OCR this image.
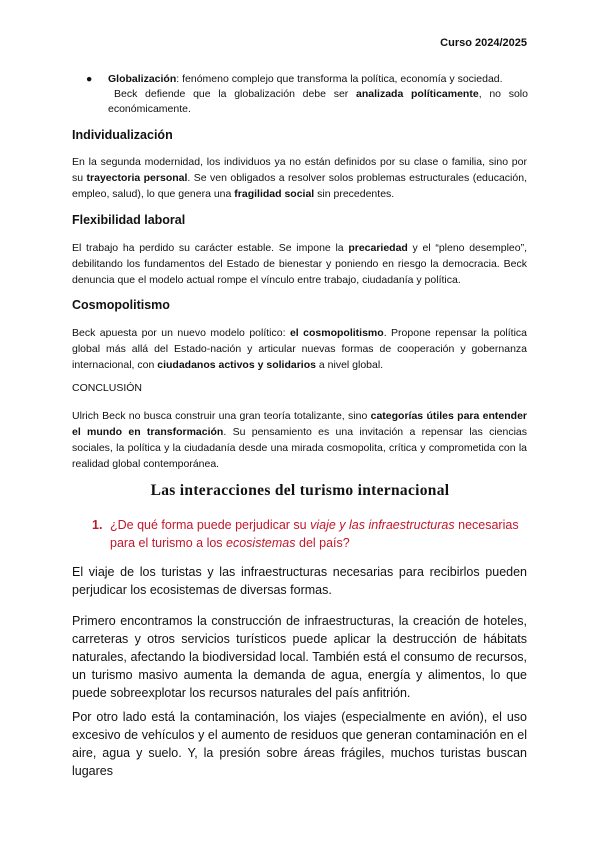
Curso 2024/2025
● Globalización: fenómeno complejo que transforma la política, economía y sociedad.

Beck defiende que la globalización debe ser analizada políticamente, no solo económicamente.

Individualización

En la segunda modernidad, los individuos ya no están definidos por su clase o familia, sino por su trayectoria personal. Se ven obligados a resolver solos problemas estructurales (educación, empleo, salud), lo que genera una fragilidad social sin precedentes.

Flexibilidad laboral

El trabajo ha perdido su carácter estable. Se impone la precariedad y el “pleno desempleo”, debilitando los fundamentos del Estado de bienestar y poniendo en riesgo la democracia. Beck denuncia que el modelo actual rompe el vínculo entre trabajo, ciudadanía y política.

Cosmopolitismo

Beck apuesta por un nuevo modelo político: el cosmopolitismo. Propone repensar la política global más allá del Estado-nación y articular nuevas formas de cooperación y gobernanza internacional, con ciudadanos activos y solidarios a nivel global.

CONCLUSIÓN

Ulrich Beck no busca construir una gran teoría totalizante, sino categorías útiles para entender el mundo en transformación. Su pensamiento es una invitación a repensar las ciencias sociales, la política y la ciudadanía desde una mirada cosmopolita, crítica y comprometida con la realidad global contemporánea.

Las interacciones del turismo internacional
1. ¿De qué forma puede perjudicar su viaje y las infraestructuras necesarias para el turismo a los ecosistemas del país?

El viaje de los turistas y las infraestructuras necesarias para recibirlos pueden perjudicar los ecosistemas de diversas formas.

Primero encontramos la construcción de infraestructuras, la creación de hoteles, carreteras y otros servicios turísticos puede aplicar la destrucción de hábitats naturales, afectando la biodiversidad local. También está el consumo de recursos, un turismo masivo aumenta la demanda de agua, energía y alimentos, lo que puede sobreexplotar los recursos naturales del país anfitrión.

Por otro lado está la contaminación, los viajes (especialmente en avión), el uso excesivo de vehículos y el aumento de residuos que generan contaminación en el aire, agua y suelo. Y, la presión sobre áreas frágiles, muchos turistas buscan lugares
